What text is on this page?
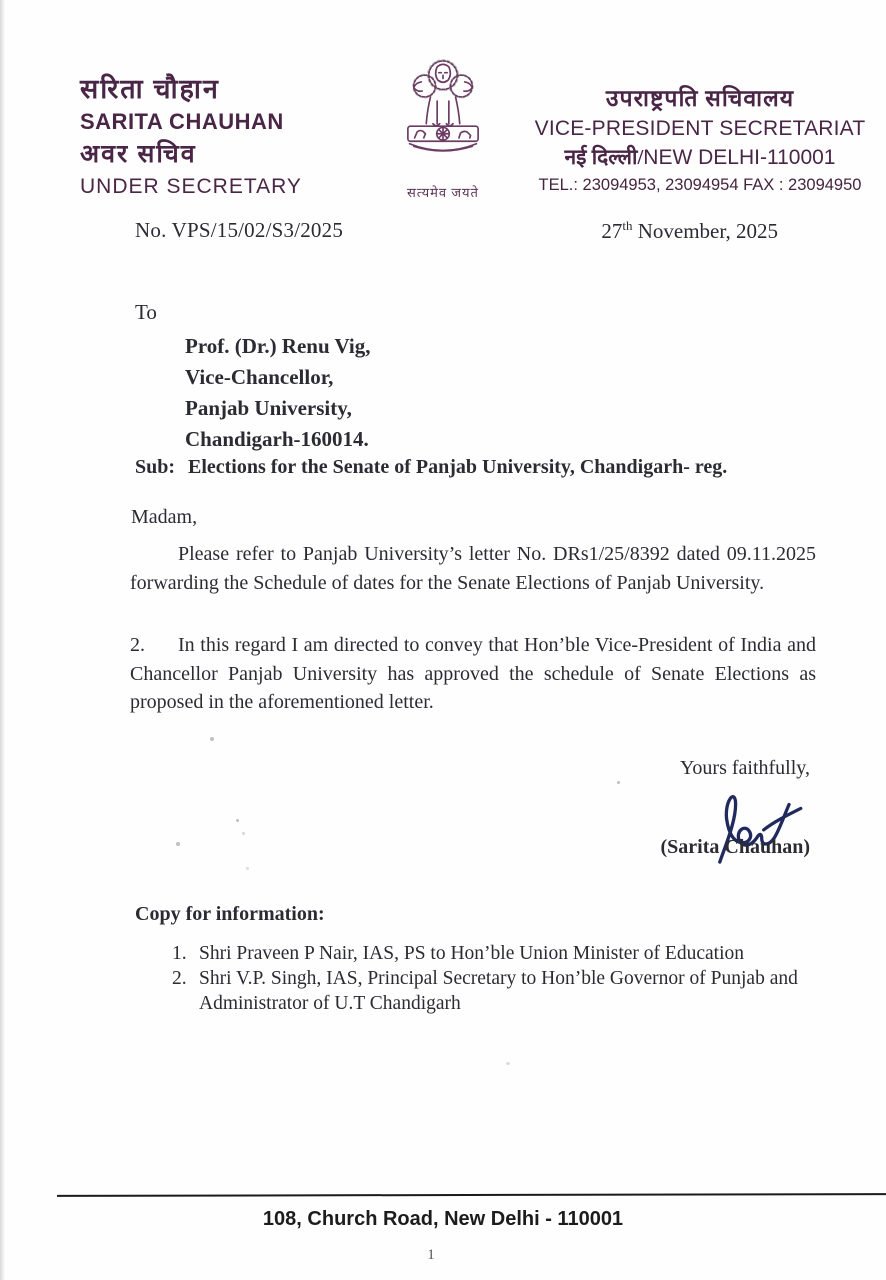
सरिता चौहान
SARITA CHAUHAN
अवर सचिव
UNDER SECRETARY	सत्यमेव जयते
उपराष्ट्रपति सचिवालय
VICE-PRESIDENT SECRETARIAT
नई दिल्ली/NEW DELHI-110001
TEL.: 23094953, 23094954 FAX : 23094950
No. VPS/15/02/S3/2025	27th November, 2025
To
Prof. (Dr.) Renu Vig,
Vice-Chancellor,
Panjab University,
Chandigarh-160014.
Sub: Elections for the Senate of Panjab University, Chandigarh- reg.
Madam,

Please refer to Panjab University’s letter No. DRs1/25/8392 dated 09.11.2025 forwarding the Schedule of dates for the Senate Elections of Panjab University.

2. In this regard I am directed to convey that Hon’ble Vice-President of India and Chancellor Panjab University has approved the schedule of Senate Elections as proposed in the aforementioned letter.

Yours faithfully,
(Sarita Chauhan)
Copy for information:
1. Shri Praveen P Nair, IAS, PS to Hon’ble Union Minister of Education
2. Shri V.P. Singh, IAS, Principal Secretary to Hon’ble Governor of Punjab and Administrator of U.T Chandigarh
108, Church Road, New Delhi - 110001
1
